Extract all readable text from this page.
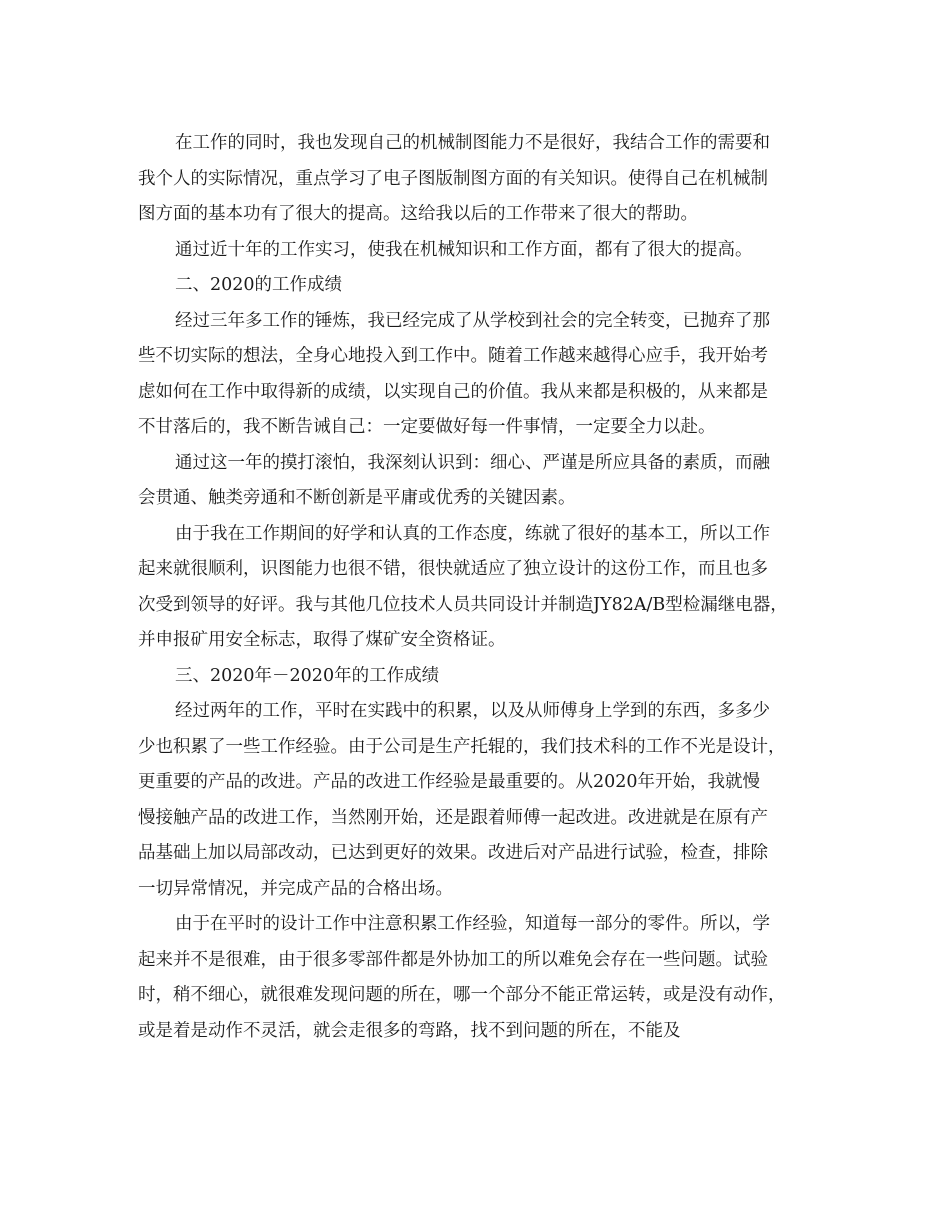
在工作的同时，我也发现自己的机械制图能力不是很好，我结合工作的需要和
我个人的实际情况，重点学习了电子图版制图方面的有关知识。使得自己在机械制
图方面的基本功有了很大的提高。这给我以后的工作带来了很大的帮助。
通过近十年的工作实习，使我在机械知识和工作方面，都有了很大的提高。
二、2020的工作成绩
经过三年多工作的锤炼，我已经完成了从学校到社会的完全转变，已抛弃了那
些不切实际的想法，全身心地投入到工作中。随着工作越来越得心应手，我开始考
虑如何在工作中取得新的成绩，以实现自己的价值。我从来都是积极的，从来都是
不甘落后的，我不断告诫自己：一定要做好每一件事情，一定要全力以赴。
通过这一年的摸打滚怕，我深刻认识到：细心、严谨是所应具备的素质，而融
会贯通、触类旁通和不断创新是平庸或优秀的关键因素。
由于我在工作期间的好学和认真的工作态度，练就了很好的基本工，所以工作
起来就很顺利，识图能力也很不错，很快就适应了独立设计的这份工作，而且也多
次受到领导的好评。我与其他几位技术人员共同设计并制造JY82A/B型检漏继电器，
并申报矿用安全标志，取得了煤矿安全资格证。
三、2020年－2020年的工作成绩
经过两年的工作，平时在实践中的积累，以及从师傅身上学到的东西，多多少
少也积累了一些工作经验。由于公司是生产托辊的，我们技术科的工作不光是设计，
更重要的产品的改进。产品的改进工作经验是最重要的。从2020年开始，我就慢
慢接触产品的改进工作，当然刚开始，还是跟着师傅一起改进。改进就是在原有产
品基础上加以局部改动，已达到更好的效果。改进后对产品进行试验，检查，排除
一切异常情况，并完成产品的合格出场。
由于在平时的设计工作中注意积累工作经验，知道每一部分的零件。所以，学
起来并不是很难，由于很多零部件都是外协加工的所以难免会存在一些问题。试验
时，稍不细心，就很难发现问题的所在，哪一个部分不能正常运转，或是没有动作，
或是着是动作不灵活，就会走很多的弯路，找不到问题的所在，不能及
